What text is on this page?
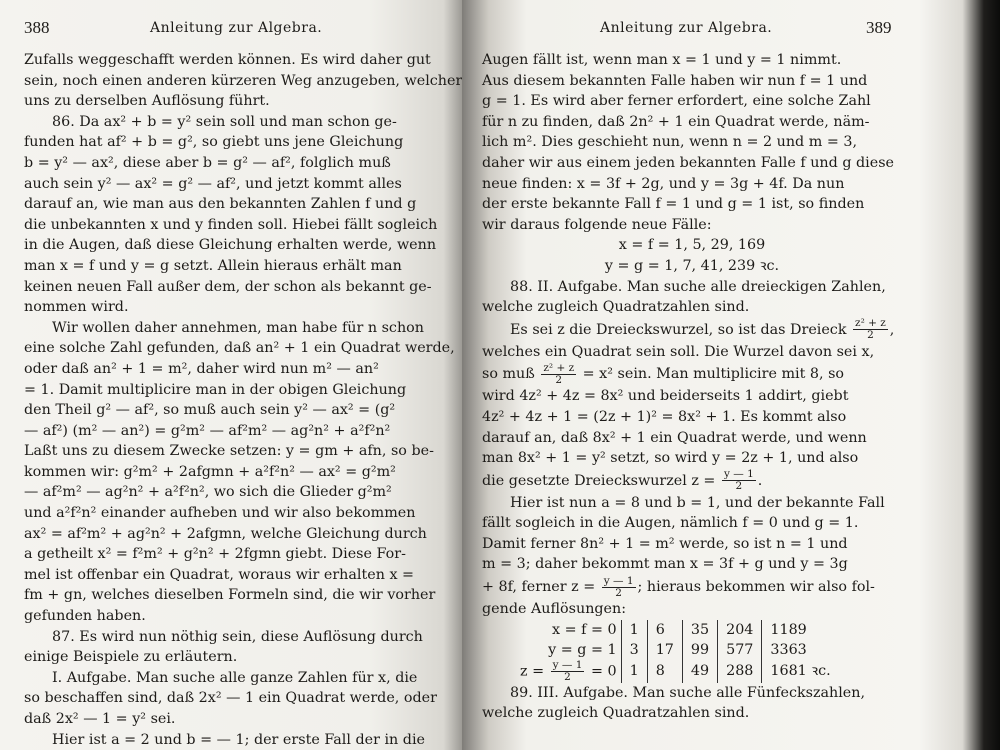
388	Anleitung zur Algebra.
Zufalls weggeschafft werden können. Es wird daher gut
sein, noch einen anderen kürzeren Weg anzugeben, welcher
uns zu derselben Auflösung führt.
86. Da ax² + b = y² sein soll und man schon ge-
funden hat af² + b = g², so giebt uns jene Gleichung
b = y² — ax², diese aber b = g² — af², folglich muß
auch sein y² — ax² = g² — af², und jetzt kommt alles
darauf an, wie man aus den bekannten Zahlen f und g
die unbekannten x und y finden soll. Hiebei fällt sogleich
in die Augen, daß diese Gleichung erhalten werde, wenn
man x = f und y = g setzt. Allein hieraus erhält man
keinen neuen Fall außer dem, der schon als bekannt ge-
nommen wird.
Wir wollen daher annehmen, man habe für n schon
eine solche Zahl gefunden, daß an² + 1 ein Quadrat werde,
oder daß an² + 1 = m², daher wird nun m² — an²
= 1. Damit multiplicire man in der obigen Gleichung
den Theil g² — af², so muß auch sein y² — ax² = (g²
— af²) (m² — an²) = g²m² — af²m² — ag²n² + a²f²n²
Laßt uns zu diesem Zwecke setzen: y = gm + afn, so be-
kommen wir: g²m² + 2afgmn + a²f²n² — ax² = g²m²
— af²m² — ag²n² + a²f²n², wo sich die Glieder g²m²
und a²f²n² einander aufheben und wir also bekommen
ax² = af²m² + ag²n² + 2afgmn, welche Gleichung durch
a getheilt x² = f²m² + g²n² + 2fgmn giebt. Diese For-
mel ist offenbar ein Quadrat, woraus wir erhalten x =
fm + gn, welches dieselben Formeln sind, die wir vorher
gefunden haben.
87. Es wird nun nöthig sein, diese Auflösung durch
einige Beispiele zu erläutern.
I. Aufgabe. Man suche alle ganze Zahlen für x, die
so beschaffen sind, daß 2x² — 1 ein Quadrat werde, oder
daß 2x² — 1 = y² sei.
Hier ist a = 2 und b = — 1; der erste Fall der in die
Anleitung zur Algebra.	389
Augen fällt ist, wenn man x = 1 und y = 1 nimmt.
Aus diesem bekannten Falle haben wir nun f = 1 und
g = 1. Es wird aber ferner erfordert, eine solche Zahl
für n zu finden, daß 2n² + 1 ein Quadrat werde, näm-
lich m². Dies geschieht nun, wenn n = 2 und m = 3,
daher wir aus einem jeden bekannten Falle f und g diese
neue finden: x = 3f + 2g, und y = 3g + 4f. Da nun
der erste bekannte Fall f = 1 und g = 1 ist, so finden
wir daraus folgende neue Fälle:
x = f = 1, 5, 29, 169
y = g = 1, 7, 41, 239 ꝛc.
88. II. Aufgabe. Man suche alle dreieckigen Zahlen,
welche zugleich Quadratzahlen sind.
Es sei z die Dreieckswurzel, so ist das Dreieck $\frac{\text{z² + z}}{2}$ ,
welches ein Quadrat sein soll. Die Wurzel davon sei x,
so muß $\frac{\text{z² + z}}{2} = x^2$ sein. Man multiplicire mit 8, so
wird 4z² + 4z = 8x² und beiderseits 1 addirt, giebt
4z² + 4z + 1 = (2z + 1)² = 8x² + 1. Es kommt also
darauf an, daß 8x² + 1 ein Quadrat werde, und wenn
man 8x² + 1 = y² setzt, so wird y = 2z + 1, und also
die gesetzte Dreieckswurzel $z = \frac{y — 1}{2}$ .
Hier ist nun a = 8 und b = 1, und der bekannte Fall
fällt sogleich in die Augen, nämlich f = 0 und g = 1.
Damit ferner 8n² + 1 = m² werde, so ist n = 1 und
m = 3; daher bekommt man x = 3f + g und y = 3g
+ 8f, ferner $z = \frac{y — 1}{2}$ ; hieraus bekommen wir also fol-
gende Auflösungen:
x = f = 0	1	6	35	204	1189
y = g = 1	3	17	99	577	3363
$z = \frac{y — 1}{2} = 0$	1	8	49	288	1681 ꝛc.
89. III. Aufgabe. Man suche alle Fünfeckszahlen,
welche zugleich Quadratzahlen sind.
